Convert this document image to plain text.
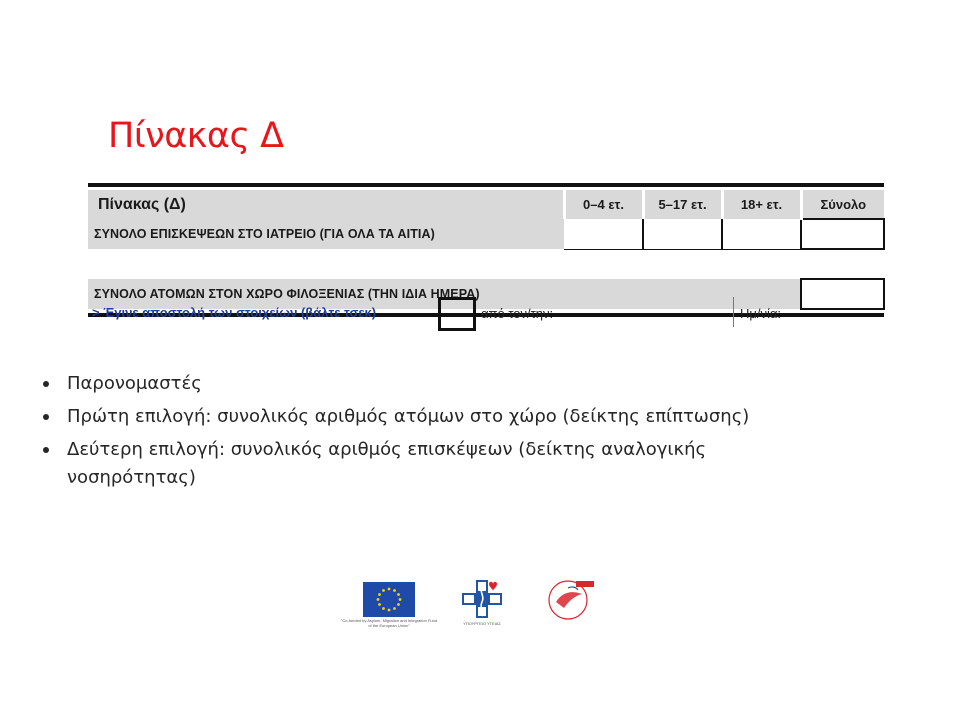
Πίνακας Δ
Πίνακας (Δ)	0–4 ετ.	5–17 ετ.	18+ ετ.	Σύνολο
ΣΥΝΟΛΟ ΕΠΙΣΚΕΨΕΩΝ ΣΤΟ ΙΑΤΡΕΙΟ (ΓΙΑ ΟΛΑ ΤΑ ΑΙΤΙΑ)				

ΣΥΝΟΛΟ ΑΤΟΜΩΝ ΣΤΟΝ ΧΩΡΟ ΦΙΛΟΞΕΝΙΑΣ (ΤΗΝ ΙΔΙΑ ΗΜΕΡΑ)				
> Έγινε αποστολή των στοιχείων (βάλτε τσεκ)	από τον/την:	Ημ/νία:
Παρονομαστές
Πρώτη επιλογή: συνολικός αριθμός ατόμων στο χώρο (δείκτης επίπτωσης)
Δεύτερη επιλογή: συνολικός αριθμός επισκέψεων (δείκτης αναλογικής νοσηρότητας)
"Co-funded by Asylum, Migration and Integration Fund of the European Union"	ΥΠΟΥΡΓΕΙΟ ΥΓΕΙΑΣ
